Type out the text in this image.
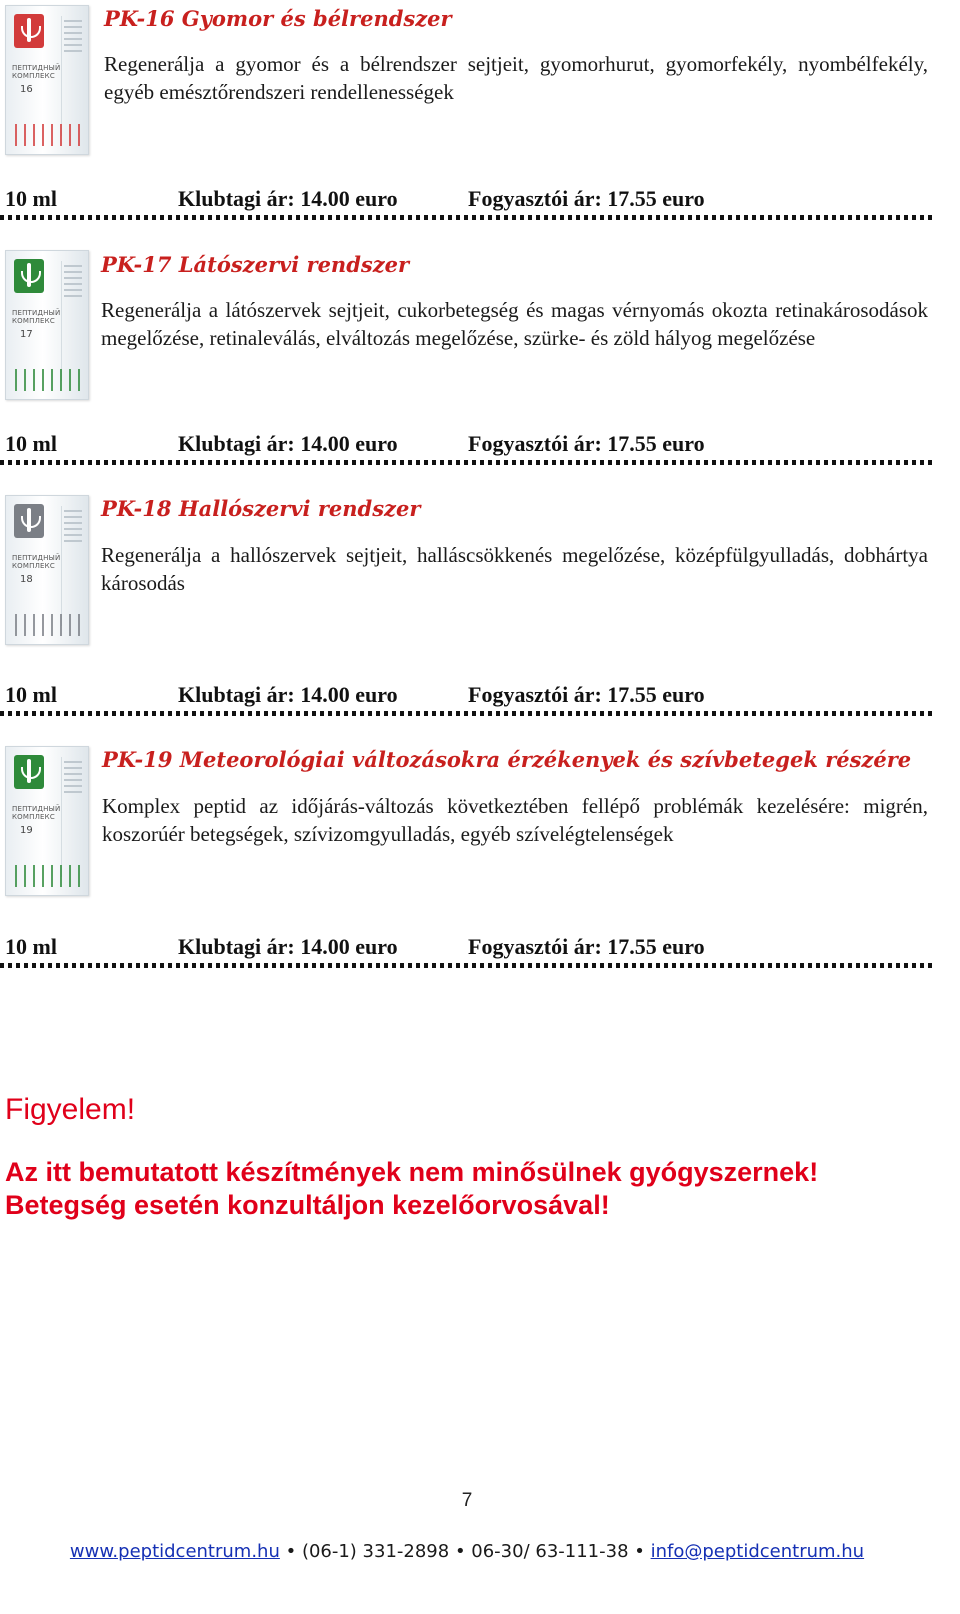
ПЕПТИДНЫЙ КОМПЛЕКС
16
PK-16 Gyomor és bélrendszer
Regenerálja a gyomor és a bélrendszer sejtjeit, gyomorhurut, gyomorfekély, nyombélfekély, egyéb emésztőrendszeri rendellenességek
10 ml	Klubtagi ár: 14.00 euro	Fogyasztói ár: 17.55 euro
ПЕПТИДНЫЙ КОМПЛЕКС
17
PK-17 Látószervi rendszer
Regenerálja a látószervek sejtjeit, cukorbetegség és magas vérnyomás okozta retinakárosodások megelőzése, retinaleválás, elváltozás megelőzése, szürke- és zöld hályog megelőzése
10 ml	Klubtagi ár: 14.00 euro	Fogyasztói ár: 17.55 euro
ПЕПТИДНЫЙ КОМПЛЕКС
18
PK-18 Hallószervi rendszer
Regenerálja a hallószervek sejtjeit, halláscsökkenés megelőzése, középfülgyulladás, dobhártya károsodás
10 ml	Klubtagi ár: 14.00 euro	Fogyasztói ár: 17.55 euro
ПЕПТИДНЫЙ КОМПЛЕКС
19
PK-19 Meteorológiai változásokra érzékenyek és szívbetegek részére
Komplex peptid az időjárás-változás következtében fellépő problémák kezelésére: migrén, koszorúér betegségek, szívizomgyulladás, egyéb szívelégtelenségek
10 ml	Klubtagi ár: 14.00 euro	Fogyasztói ár: 17.55 euro
Figyelem!
Az itt bemutatott készítmények nem minősülnek gyógyszernek!
Betegség esetén konzultáljon kezelőorvosával!
7
www.peptidcentrum.hu • (06-1) 331-2898 • 06-30/ 63-111-38 • info@peptidcentrum.hu
